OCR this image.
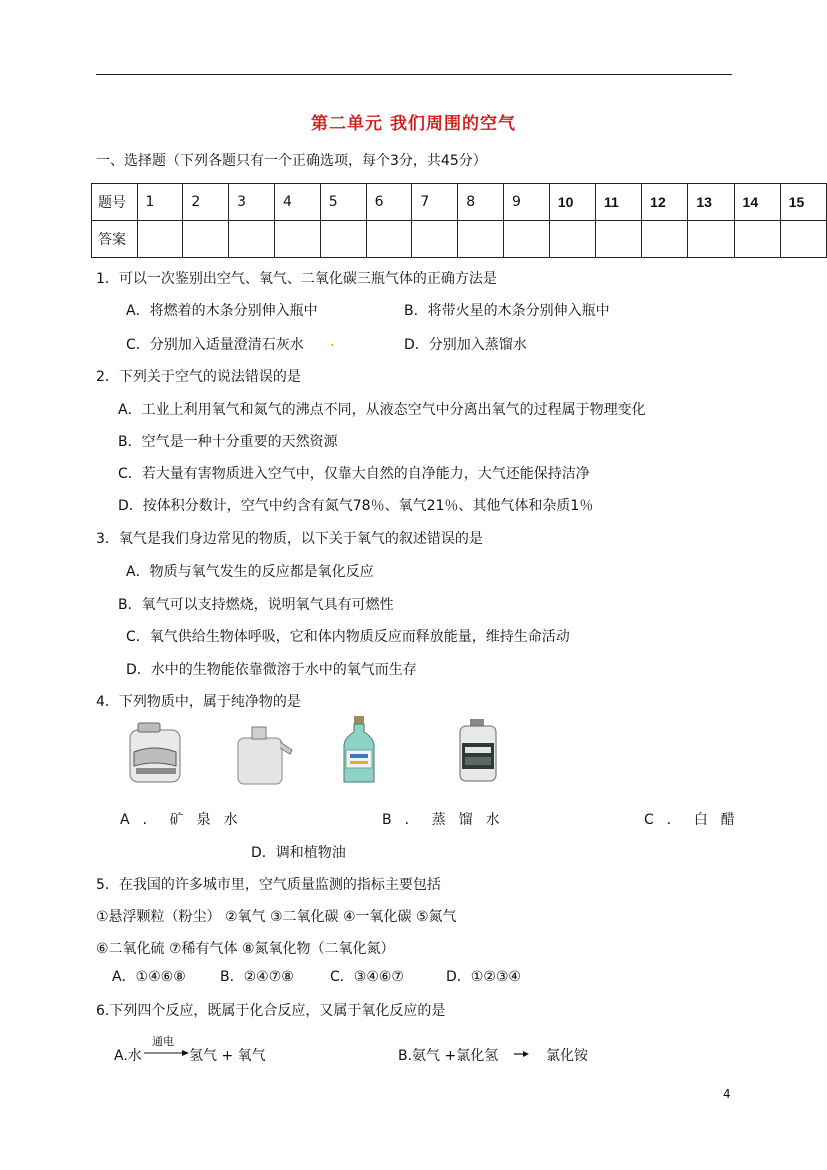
第二单元 我们周围的空气
一、选择题（下列各题只有一个正确选项，每个3分，共45分）
题号	1	2	3	4	5	6	7	8	9	10	11	12	13	14	15
答案															
1．可以一次鉴别出空气、氧气、二氧化碳三瓶气体的正确方法是
A．将燃着的木条分别伸入瓶中	B．将带火星的木条分别伸入瓶中
C．分别加入适量澄清石灰水 .	D．分别加入蒸馏水
2．下列关于空气的说法错误的是
A．工业上利用氧气和氮气的沸点不同，从液态空气中分离出氧气的过程属于物理变化
B．空气是一种十分重要的天然资源
C．若大量有害物质进入空气中，仅靠大自然的自净能力，大气还能保持洁净
D．按体积分数计，空气中约含有氮气78％、氧气21％、其他气体和杂质1％
3．氧气是我们身边常见的物质，以下关于氧气的叙述错误的是
A．物质与氧气发生的反应都是氧化反应
B．氧气可以支持燃烧，说明氧气具有可燃性
C．氧气供给生物体呼吸，它和体内物质反应而释放能量，维持生命活动
D．水中的生物能依靠微溶于水中的氧气而生存
4．下列物质中，属于纯净物的是
A．矿泉水	B．蒸馏水	C．白醋
D．调和植物油
5．在我国的许多城市里，空气质量监测的指标主要包括
①悬浮颗粒（粉尘） ②氧气 ③二氧化碳 ④一氧化碳 ⑤氮气
⑥二氧化硫 ⑦稀有气体 ⑧氮氧化物（二氧化氮）
A．①④⑥⑧ B．②④⑦⑧	C．③④⑥⑦	D．①②③④
6.下列四个反应，既属于化合反应，又属于氧化反应的是
A.水
通电
→ 氢气 + 氧气	B.氨气 +氯化氢 → 氯化铵
4
